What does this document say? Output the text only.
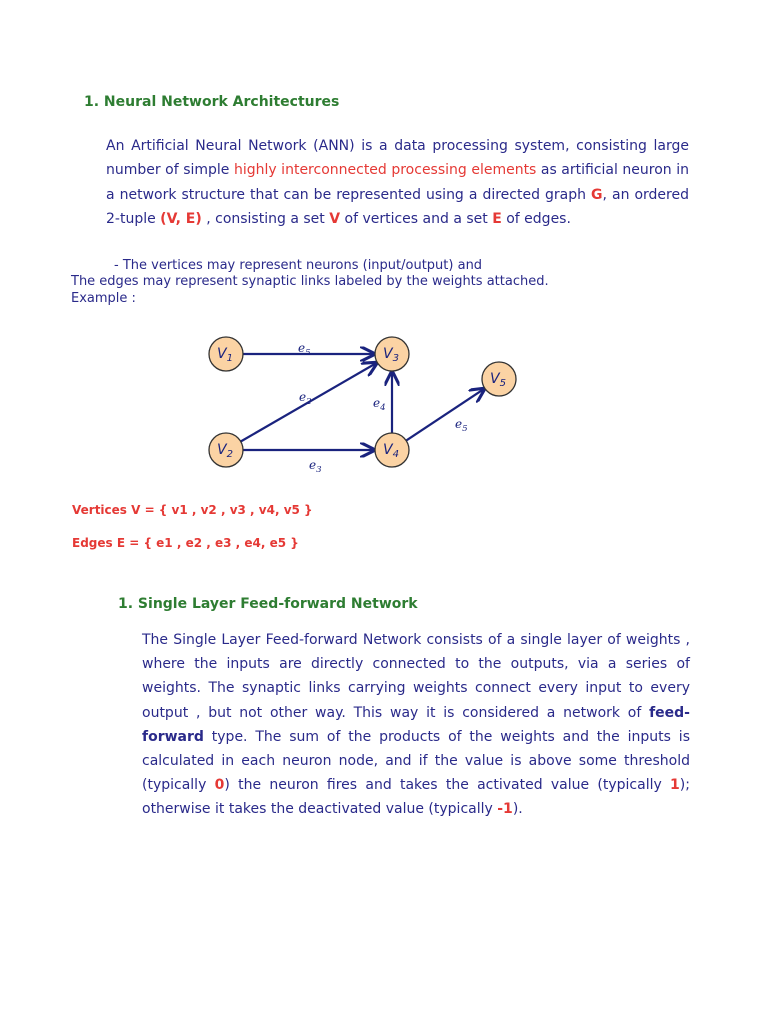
1. Neural Network Architectures

An Artificial Neural Network (ANN) is a data processing system, consisting large number of simple highly interconnected processing elements as artificial neuron in a network structure that can be represented using a directed graph G, an ordered 2-tuple (V, E) , consisting a set V of vertices and a set E of edges.

- The vertices may represent neurons (input/output) and

The edges may represent synaptic links labeled by the weights attached.

Example :

$e_5$
$e_2$
$e_3$
$e_4$
$e_5$
$V_1$
$V_2$
$V_3$
$V_4$
$V_5$

Vertices V = { v1 , v2 , v3 , v4, v5 }

Edges E = { e1 , e2 , e3 , e4, e5 }

1. Single Layer Feed-forward Network

The Single Layer Feed-forward Network consists of a single layer of weights , where the inputs are directly connected to the outputs, via a series of weights. The synaptic links carrying weights connect every input to every output , but not other way. This way it is considered a network of feed-forward type. The sum of the products of the weights and the inputs is calculated in each neuron node, and if the value is above some threshold (typically 0) the neuron fires and takes the activated value (typically 1); otherwise it takes the deactivated value (typically -1).
